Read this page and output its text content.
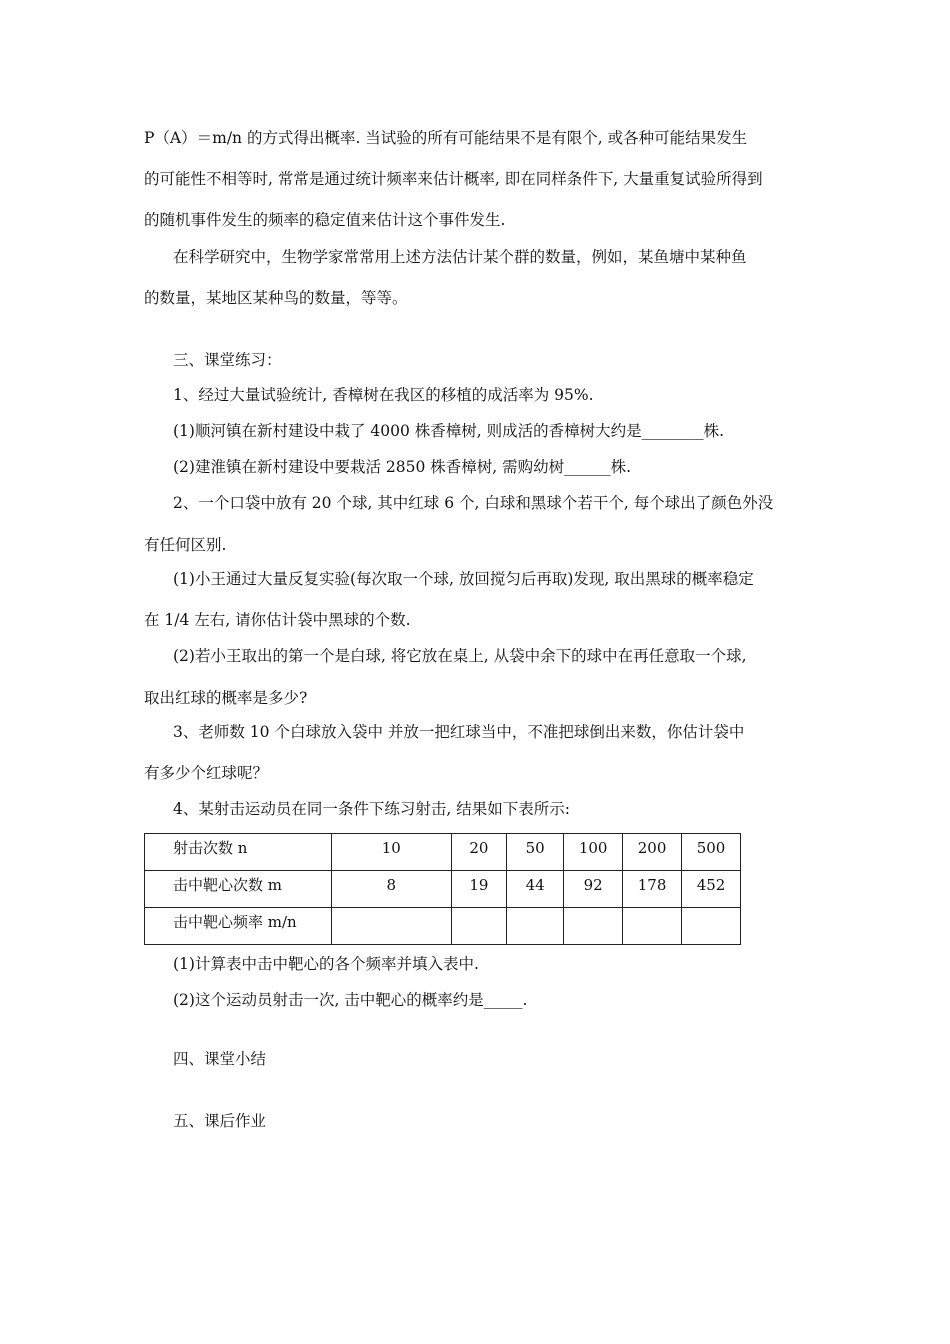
P（A）＝m/n 的方式得出概率. 当试验的所有可能结果不是有限个, 或各种可能结果发生
的可能性不相等时, 常常是通过统计频率来估计概率, 即在同样条件下, 大量重复试验所得到
的随机事件发生的频率的稳定值来估计这个事件发生.
在科学研究中，生物学家常常用上述方法估计某个群的数量，例如，某鱼塘中某种鱼
的数量，某地区某种鸟的数量，等等。
三、课堂练习：
1、经过大量试验统计, 香樟树在我区的移植的成活率为 95%.
(1)顺河镇在新村建设中栽了 4000 株香樟树, 则成活的香樟树大约是________株.
(2)建淮镇在新村建设中要栽活 2850 株香樟树, 需购幼树______株.
2、一个口袋中放有 20 个球, 其中红球 6 个, 白球和黑球个若干个, 每个球出了颜色外没
有任何区别.
(1)小王通过大量反复实验(每次取一个球, 放回搅匀后再取)发现, 取出黑球的概率稳定
在 1/4 左右, 请你估计袋中黑球的个数.
(2)若小王取出的第一个是白球, 将它放在桌上, 从袋中余下的球中在再任意取一个球,
取出红球的概率是多少?
3、老师数 10 个白球放入袋中 并放一把红球当中，不准把球倒出来数，你估计袋中
有多少个红球呢？
4、某射击运动员在同一条件下练习射击, 结果如下表所示:
射击次数 n	10	20	50	100	200	500
击中靶心次数 m	8	19	44	92	178	452
击中靶心频率 m/n						
(1)计算表中击中靶心的各个频率并填入表中.
(2)这个运动员射击一次, 击中靶心的概率约是_____.
四、课堂小结
五、课后作业
